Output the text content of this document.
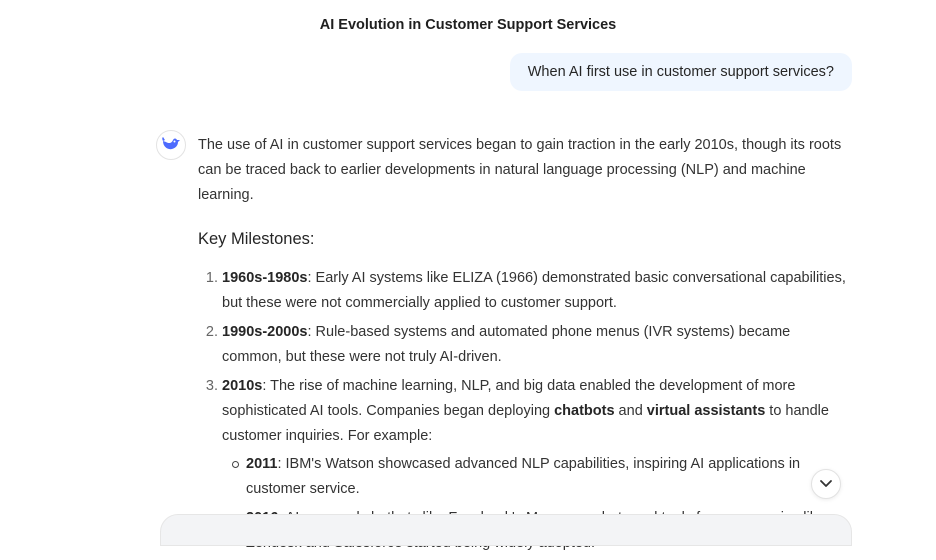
AI Evolution in Customer Support Services
When AI first use in customer support services?

The use of AI in customer support services began to gain traction in the early 2010s, though its roots can be traced back to earlier developments in natural language processing (NLP) and machine learning.

Key Milestones:
1. 1960s-1980s: Early AI systems like ELIZA (1966) demonstrated basic conversational capabilities, but these were not commercially applied to customer support.
2. 1990s-2000s: Rule-based systems and automated phone menus (IVR systems) became common, but these were not truly AI-driven.
3. 2010s: The rise of machine learning, NLP, and big data enabled the development of more sophisticated AI tools. Companies began deploying chatbots and virtual assistants to handle customer inquiries. For example:
2011: IBM's Watson showcased advanced NLP capabilities, inspiring AI applications in customer service.
